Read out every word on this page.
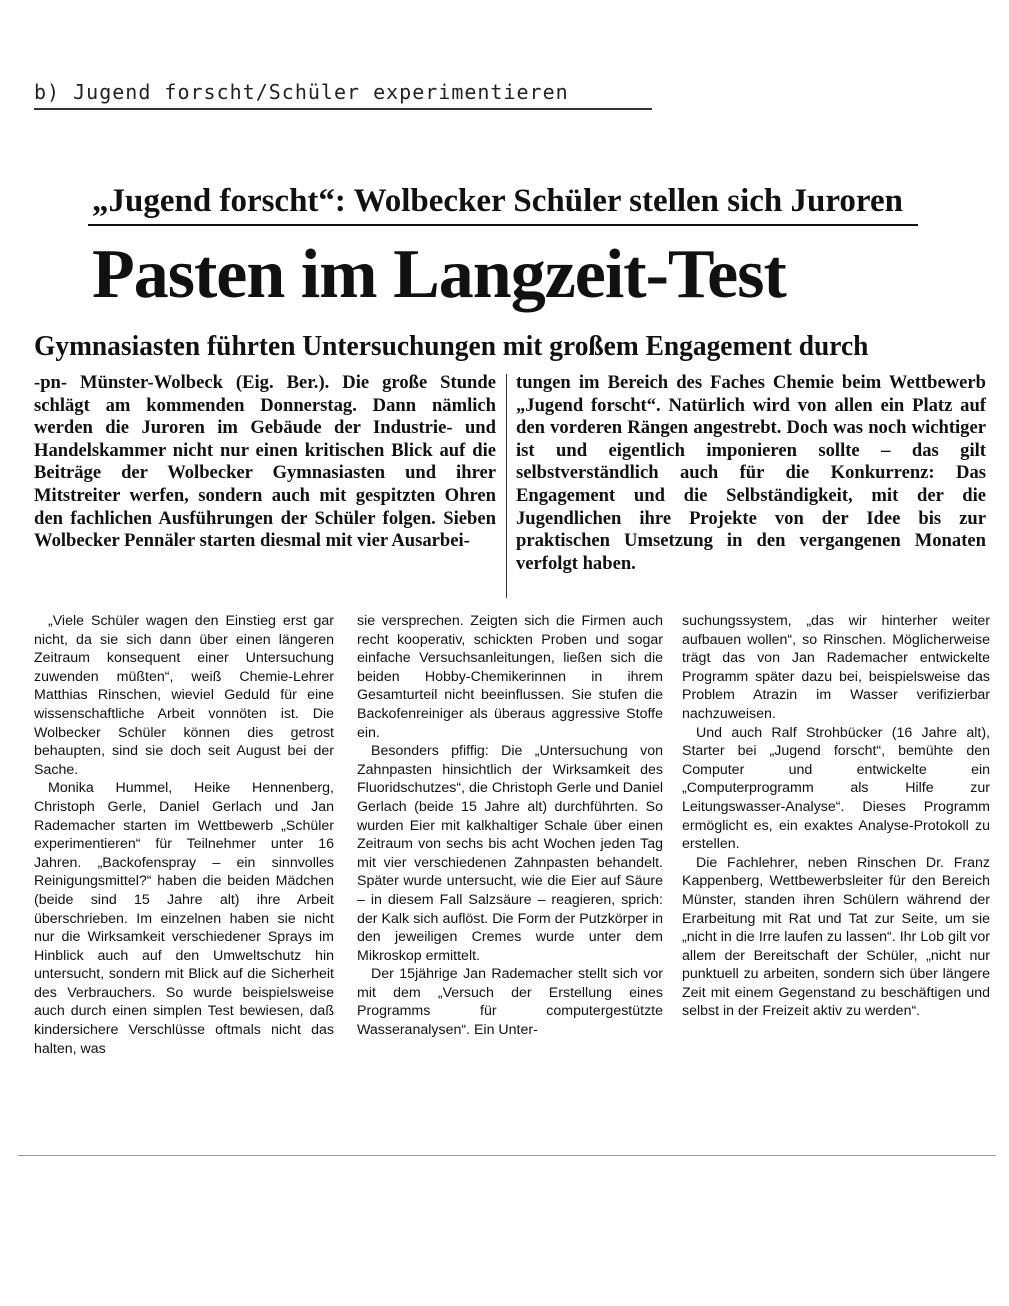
b) Jugend forscht/Schüler experimentieren
„Jugend forscht“: Wolbecker Schüler stellen sich Juroren
Pasten im Langzeit-Test
Gymnasiasten führten Untersuchungen mit großem Engagement durch

-pn- Münster-Wolbeck (Eig. Ber.). Die große Stunde schlägt am kommenden Donnerstag. Dann nämlich werden die Juroren im Gebäude der Industrie- und Handelskammer nicht nur einen kritischen Blick auf die Beiträge der Wolbecker Gymnasiasten und ihrer Mitstreiter werfen, sondern auch mit gespitzten Ohren den fachlichen Ausführungen der Schüler folgen. Sieben Wolbecker Pennäler starten diesmal mit vier Ausarbei-

tungen im Bereich des Faches Chemie beim Wettbewerb „Jugend forscht“. Natürlich wird von allen ein Platz auf den vorderen Rängen angestrebt. Doch was noch wichtiger ist und eigentlich imponieren sollte – das gilt selbstverständlich auch für die Konkurrenz: Das Engagement und die Selbständigkeit, mit der die Jugendlichen ihre Projekte von der Idee bis zur praktischen Umsetzung in den vergangenen Monaten verfolgt haben.

„Viele Schüler wagen den Einstieg erst gar nicht, da sie sich dann über einen längeren Zeitraum konsequent einer Untersuchung zuwenden müßten“, weiß Chemie-Lehrer Matthias Rinschen, wieviel Geduld für eine wissenschaftliche Arbeit vonnöten ist. Die Wolbecker Schüler können dies getrost behaupten, sind sie doch seit August bei der Sache.

Monika Hummel, Heike Hennenberg, Christoph Gerle, Daniel Gerlach und Jan Rademacher starten im Wettbewerb „Schüler experimentieren“ für Teilnehmer unter 16 Jahren. „Backofenspray – ein sinnvolles Reinigungsmittel?“ haben die beiden Mädchen (beide sind 15 Jahre alt) ihre Arbeit überschrieben. Im einzelnen haben sie nicht nur die Wirksamkeit verschiedener Sprays im Hinblick auch auf den Umweltschutz hin untersucht, sondern mit Blick auf die Sicherheit des Verbrauchers. So wurde beispielsweise auch durch einen simplen Test bewiesen, daß kindersichere Verschlüsse oftmals nicht das halten, was

sie versprechen. Zeigten sich die Firmen auch recht kooperativ, schickten Proben und sogar einfache Versuchsanleitungen, ließen sich die beiden Hobby-Chemikerinnen in ihrem Gesamturteil nicht beeinflussen. Sie stufen die Backofenreiniger als überaus aggressive Stoffe ein.

Besonders pfiffig: Die „Untersuchung von Zahnpasten hinsichtlich der Wirksamkeit des Fluoridschutzes“, die Christoph Gerle und Daniel Gerlach (beide 15 Jahre alt) durchführten. So wurden Eier mit kalkhaltiger Schale über einen Zeitraum von sechs bis acht Wochen jeden Tag mit vier verschiedenen Zahnpasten behandelt. Später wurde untersucht, wie die Eier auf Säure – in diesem Fall Salzsäure – reagieren, sprich: der Kalk sich auflöst. Die Form der Putzkörper in den jeweiligen Cremes wurde unter dem Mikroskop ermittelt.

Der 15jährige Jan Rademacher stellt sich vor mit dem „Versuch der Erstellung eines Programms für computergestützte Wasseranalysen“. Ein Unter-

suchungssystem, „das wir hinterher weiter aufbauen wollen“, so Rinschen. Möglicherweise trägt das von Jan Rademacher entwickelte Programm später dazu bei, beispielsweise das Problem Atrazin im Wasser verifizierbar nachzuweisen.

Und auch Ralf Strohbücker (16 Jahre alt), Starter bei „Jugend forscht“, bemühte den Computer und entwickelte ein „Computerprogramm als Hilfe zur Leitungswasser-Analyse“. Dieses Programm ermöglicht es, ein exaktes Analyse-Protokoll zu erstellen.

Die Fachlehrer, neben Rinschen Dr. Franz Kappenberg, Wettbewerbsleiter für den Bereich Münster, standen ihren Schülern während der Erarbeitung mit Rat und Tat zur Seite, um sie „nicht in die Irre laufen zu lassen“. Ihr Lob gilt vor allem der Bereitschaft der Schüler, „nicht nur punktuell zu arbeiten, sondern sich über längere Zeit mit einem Gegenstand zu beschäftigen und selbst in der Freizeit aktiv zu werden“.
